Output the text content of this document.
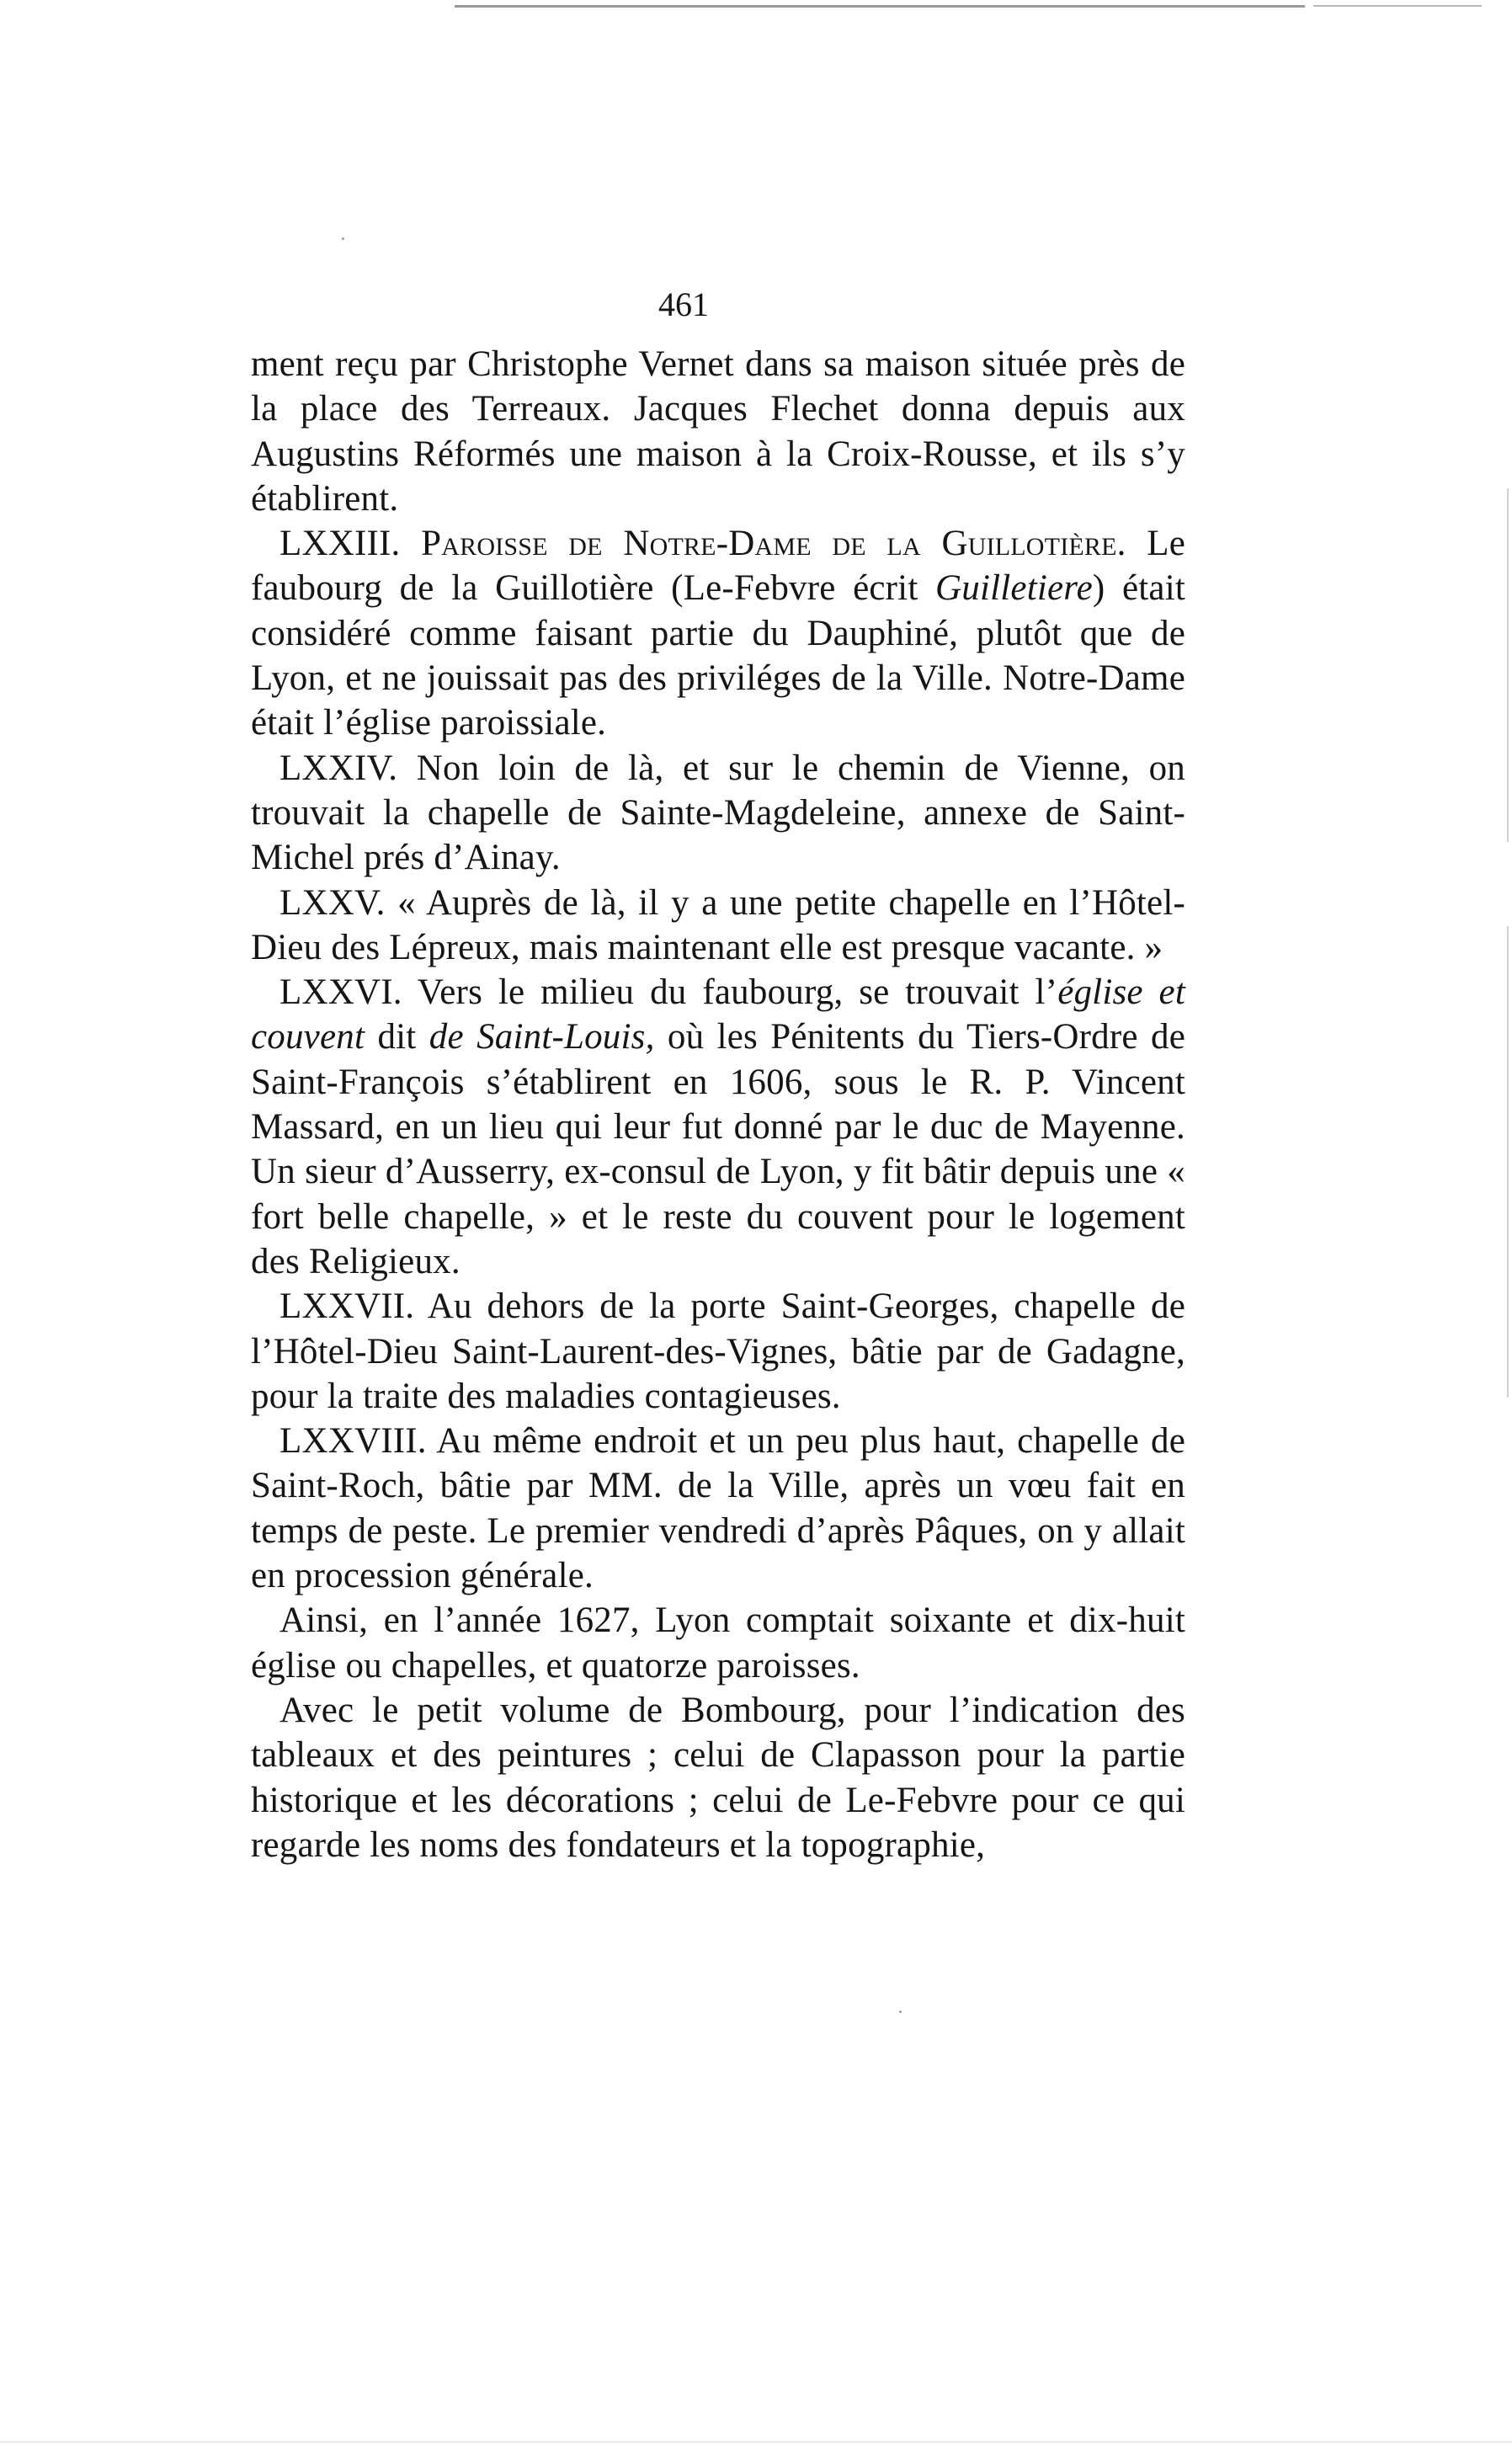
461

ment reçu par Christophe Vernet dans sa maison située près de la place des Terreaux. Jacques Flechet donna depuis aux Augustins Réformés une maison à la Croix-Rousse, et ils s’y établirent.

LXXIII. Paroisse de Notre-Dame de la Guillotière. Le faubourg de la Guillotière (Le-Febvre écrit Guilletiere) était considéré comme faisant partie du Dauphiné, plutôt que de Lyon, et ne jouissait pas des priviléges de la Ville. Notre-Dame était l’église paroissiale.

LXXIV. Non loin de là, et sur le chemin de Vienne, on trouvait la chapelle de Sainte-Magdeleine, annexe de Saint-Michel prés d’Ainay.

LXXV. « Auprès de là, il y a une petite chapelle en l’Hôtel-Dieu des Lépreux, mais maintenant elle est presque vacante. »

LXXVI. Vers le milieu du faubourg, se trouvait l’église et couvent dit de Saint-Louis, où les Pénitents du Tiers-Ordre de Saint-François s’établirent en 1606, sous le R. P. Vincent Massard, en un lieu qui leur fut donné par le duc de Mayenne. Un sieur d’Ausserry, ex-consul de Lyon, y fit bâtir depuis une « fort belle chapelle, » et le reste du couvent pour le logement des Religieux.

LXXVII. Au dehors de la porte Saint-Georges, chapelle de l’Hôtel-Dieu Saint-Laurent-des-Vignes, bâtie par de Gadagne, pour la traite des maladies contagieuses.

LXXVIII. Au même endroit et un peu plus haut, chapelle de Saint-Roch, bâtie par MM. de la Ville, après un vœu fait en temps de peste. Le premier vendredi d’après Pâques, on y allait en procession générale.

Ainsi, en l’année 1627, Lyon comptait soixante et dix-huit église ou chapelles, et quatorze paroisses.

Avec le petit volume de Bombourg, pour l’indication des tableaux et des peintures ; celui de Clapasson pour la partie historique et les décorations ; celui de Le-Febvre pour ce qui regarde les noms des fondateurs et la topographie,
